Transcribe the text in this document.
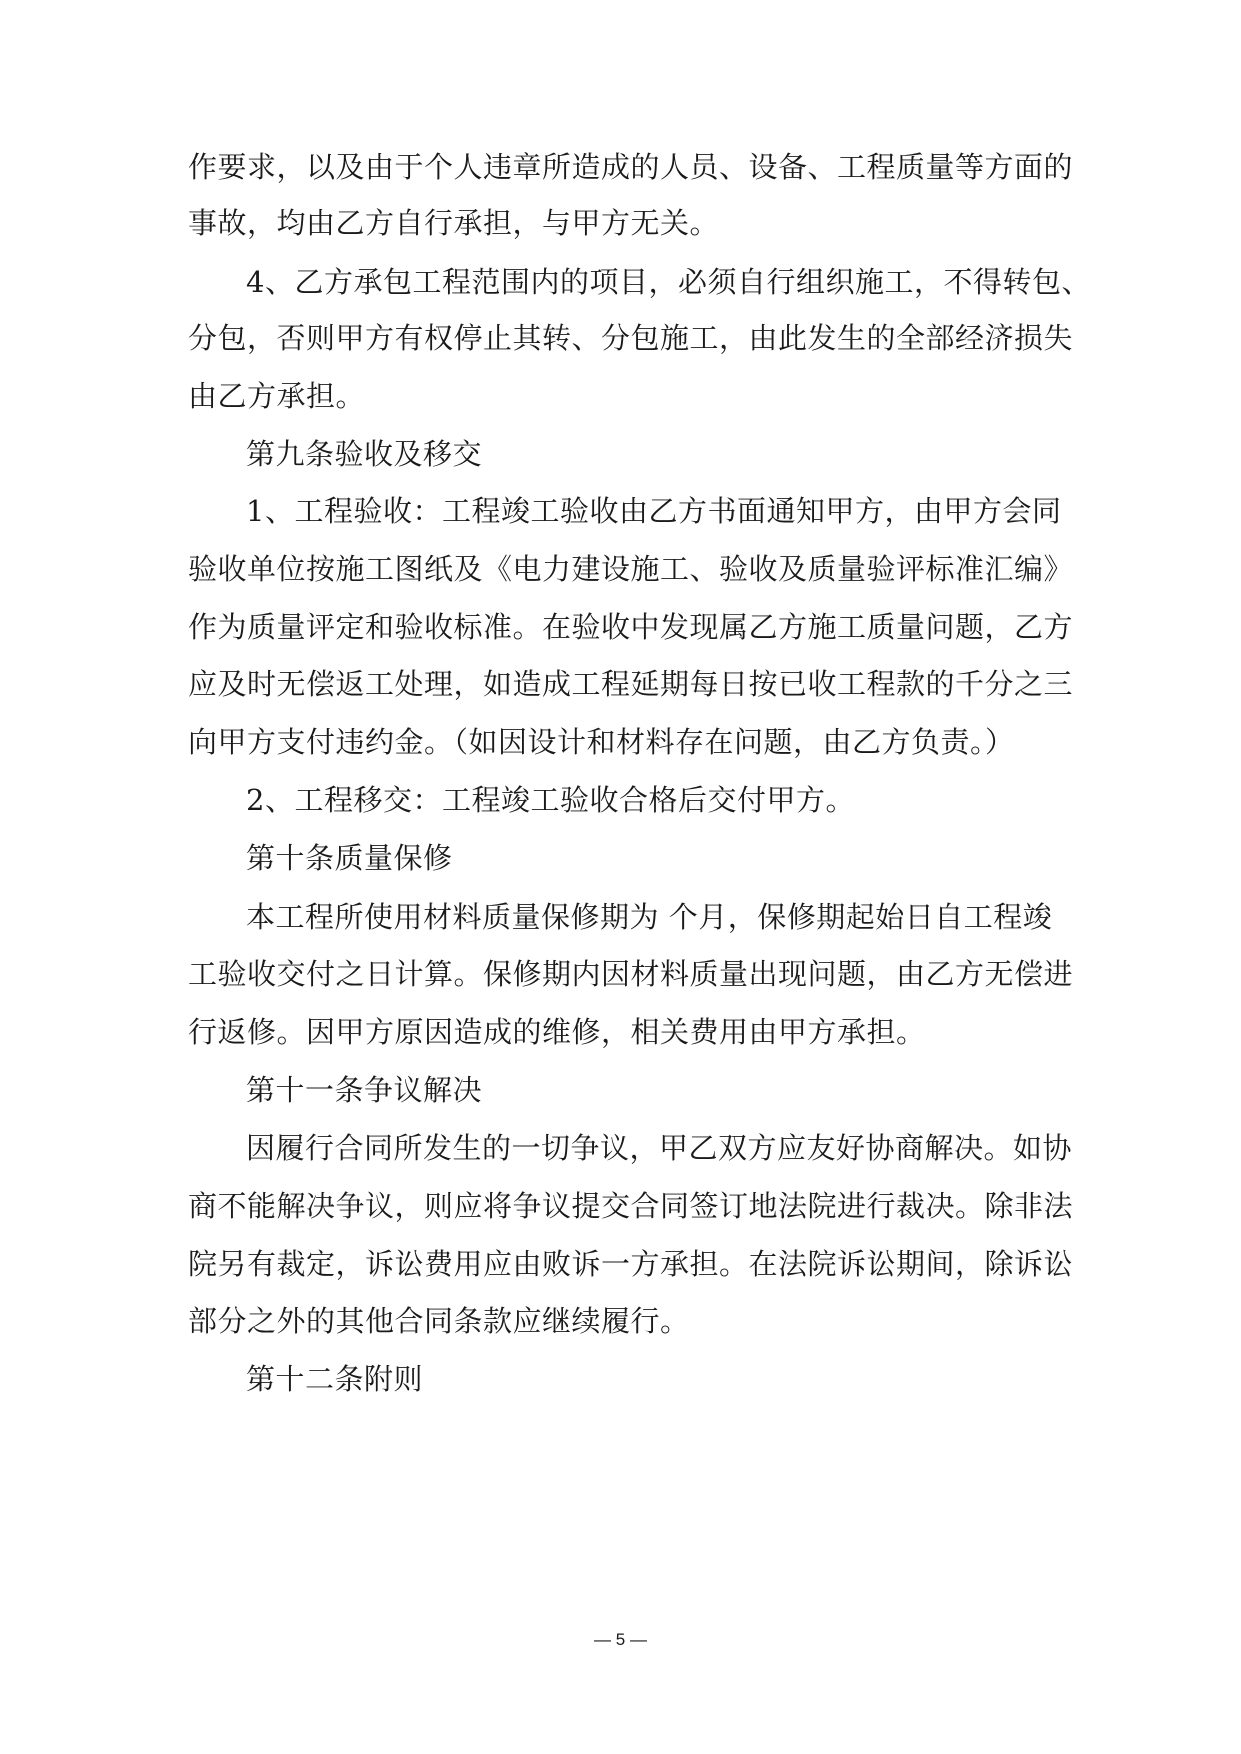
作要求，以及由于个人违章所造成的人员、设备、工程质量等方面的
事故，均由乙方自行承担，与甲方无关。
4、乙方承包工程范围内的项目，必须自行组织施工，不得转包、
分包，否则甲方有权停止其转、分包施工，由此发生的全部经济损失
由乙方承担。
第九条验收及移交
1、工程验收：工程竣工验收由乙方书面通知甲方，由甲方会同
验收单位按施工图纸及《电力建设施工、验收及质量验评标准汇编》
作为质量评定和验收标准。在验收中发现属乙方施工质量问题，乙方
应及时无偿返工处理，如造成工程延期每日按已收工程款的千分之三
向甲方支付违约金。（如因设计和材料存在问题，由乙方负责。）
2、工程移交：工程竣工验收合格后交付甲方。
第十条质量保修
本工程所使用材料质量保修期为 个月，保修期起始日自工程竣
工验收交付之日计算。保修期内因材料质量出现问题，由乙方无偿进
行返修。因甲方原因造成的维修，相关费用由甲方承担。
第十一条争议解决
因履行合同所发生的一切争议，甲乙双方应友好协商解决。如协
商不能解决争议，则应将争议提交合同签订地法院进行裁决。除非法
院另有裁定，诉讼费用应由败诉一方承担。在法院诉讼期间，除诉讼
部分之外的其他合同条款应继续履行。
第十二条附则
— 5 —
